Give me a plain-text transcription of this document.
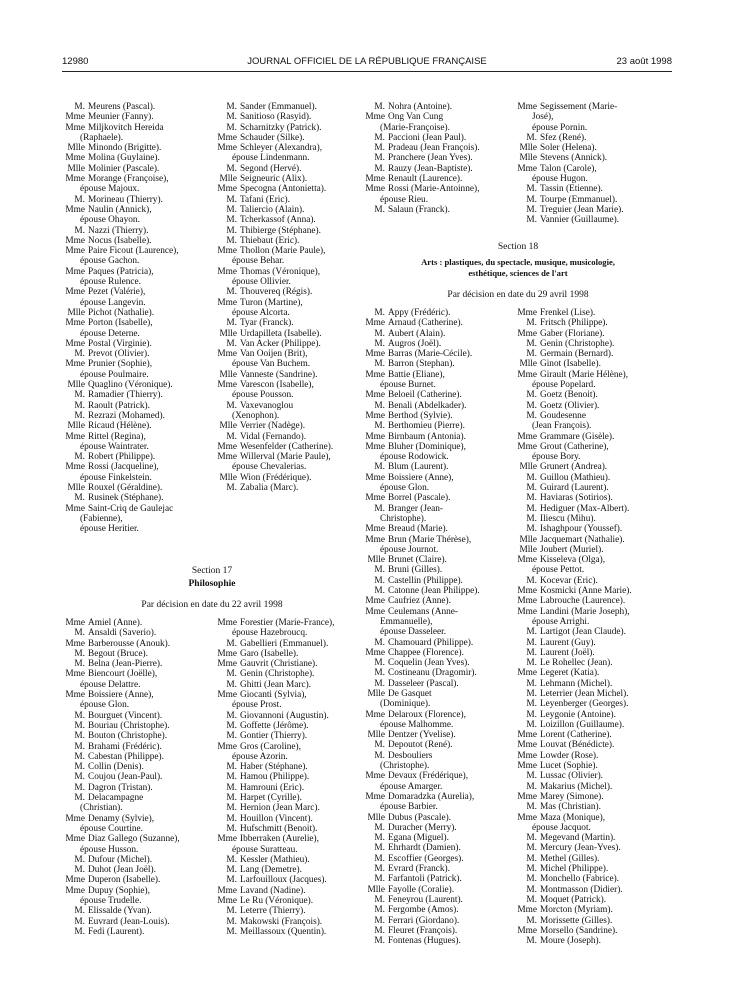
12980	JOURNAL OFFICIEL DE LA RÉPUBLIQUE FRANÇAISE	23 août 1998
M. Meurens (Pascal).
Mme Meunier (Fanny).
Mme Miljkovitch Hereida
(Raphaele).
Mlle Minondo (Brigitte).
Mme Molina (Guylaine).
Mlle Molinier (Pascale).
Mme Morange (Françoise),
épouse Majoux.
M. Morineau (Thierry).
Mme Naulin (Annick),
épouse Ohayon.
M. Nazzi (Thierry).
Mme Nocus (Isabelle).
Mme Paire Ficout (Laurence),
épouse Gachon.
Mme Paques (Patricia),
épouse Rulence.
Mme Pezet (Valérie),
épouse Langevin.
Mlle Pichot (Nathalie).
Mme Porton (Isabelle),
épouse Deterne.
Mme Postal (Virginie).
M. Prevot (Olivier).
Mme Prunier (Sophie),
épouse Poulmaire.
Mlle Quaglino (Véronique).
M. Ramadier (Thierry).
M. Raoult (Patrick).
M. Rezrazi (Mohamed).
Mlle Ricaud (Hélène).
Mme Rittel (Regina),
épouse Waintrater.
M. Robert (Philippe).
Mme Rossi (Jacqueline),
épouse Finkelstein.
Mlle Rouxel (Géraldine).
M. Rusinek (Stéphane).
Mme Saint-Criq de Gaulejac
(Fabienne),
épouse Heritier.
M. Sander (Emmanuel).
M. Sanitioso (Rasyid).
M. Scharnitzky (Patrick).
Mme Schauder (Silke).
Mme Schleyer (Alexandra),
épouse Lindenmann.
M. Segond (Hervé).
Mlle Seigneuric (Alix).
Mme Specogna (Antonietta).
M. Tafani (Eric).
M. Taliercio (Alain).
M. Tcherkassof (Anna).
M. Thibierge (Stéphane).
M. Thiebaut (Eric).
Mme Thollon (Marie Paule),
épouse Behar.
Mme Thomas (Véronique),
épouse Ollivier.
M. Thouvereq (Régis).
Mme Turon (Martine),
épouse Alcorta.
M. Tyar (Franck).
Mlle Urdapilleta (Isabelle).
M. Van Acker (Philippe).
Mme Van Ooijen (Brit),
épouse Van Buchem.
Mlle Vanneste (Sandrine).
Mme Varescon (Isabelle),
épouse Pousson.
M. Vaxevanoglou
(Xenophon).
Mlle Verrier (Nadège).
M. Vidal (Fernando).
Mme Wesenfelder (Catherine).
Mme Willerval (Marie Paule),
épouse Chevalerias.
Mlle Wion (Frédérique).
M. Zabalia (Marc).
M. Nohra (Antoine).
Mme Ong Van Cung
(Marie-Françoise).
M. Paccioni (Jean Paul).
M. Pradeau (Jean François).
M. Pranchere (Jean Yves).
M. Rauzy (Jean-Baptiste).
Mme Renault (Laurence).
Mme Rossi (Marie-Antoinne),
épouse Rieu.
M. Salaun (Franck).
Mme Segissement (Marie-
José),
épouse Pornin.
M. Sfez (René).
Mlle Soler (Helena).
Mlle Stevens (Annick).
Mme Talon (Carole),
épouse Hugon.
M. Tassin (Etienne).
M. Tourpe (Emmanuel).
M. Treguier (Jean Marie).
M. Vannier (Guillaume).
Section 17
Philosophie
Par décision en date du 22 avril 1998
Mme Amiel (Anne).
M. Ansaldi (Saverio).
Mme Barberousse (Anouk).
M. Begout (Bruce).
M. Belna (Jean-Pierre).
Mme Biencourt (Joëlle),
épouse Delattre.
Mme Boissiere (Anne),
épouse Glon.
M. Bourguet (Vincent).
M. Bouriau (Christophe).
M. Bouton (Christophe).
M. Brahami (Frédéric).
M. Cabestan (Philippe).
M. Collin (Denis).
M. Coujou (Jean-Paul).
M. Dagron (Tristan).
M. Delacampagne
(Christian).
Mme Denamy (Sylvie),
épouse Courtine.
Mme Diaz Gallego (Suzanne),
épouse Husson.
M. Dufour (Michel).
M. Duhot (Jean Joël).
Mme Duperon (Isabelle).
Mme Dupuy (Sophie),
épouse Trudelle.
M. Elissalde (Yvan).
M. Euvrard (Jean-Louis).
M. Fedi (Laurent).
Mme Forestier (Marie-France),
épouse Hazebroucq.
M. Gabellieri (Emmanuel).
Mme Garo (Isabelle).
Mme Gauvrit (Christiane).
M. Genin (Christophe).
M. Ghitti (Jean Marc).
Mme Giocanti (Sylvia),
épouse Prost.
M. Giovannoni (Augustin).
M. Goffette (Jérôme).
M. Gontier (Thierry).
Mme Gros (Caroline),
épouse Azorin.
M. Haber (Stéphane).
M. Hamou (Philippe).
M. Hamrouni (Eric).
M. Harpet (Cyrille).
M. Hernion (Jean Marc).
M. Houillon (Vincent).
M. Hufschmitt (Benoit).
Mme Ibberraken (Aurelie),
épouse Suratteau.
M. Kessler (Mathieu).
M. Lang (Demetre).
M. Larfouilloux (Jacques).
Mme Lavand (Nadine).
Mme Le Ru (Véronique).
M. Leterre (Thierry).
M. Makowski (François).
M. Meillassoux (Quentin).
Section 18
Arts : plastiques, du spectacle, musique, musicologie,
esthétique, sciences de l'art
Par décision en date du 29 avril 1998
M. Appy (Frédéric).
Mme Arnaud (Catherine).
M. Aubert (Alain).
M. Augros (Joël).
Mme Barras (Marie-Cécile).
M. Barron (Stephan).
Mme Battie (Eliane),
épouse Burnet.
Mme Beloeil (Catherine).
M. Benali (Abdelkader).
Mme Berthod (Sylvie).
M. Berthomieu (Pierre).
Mme Birnbaum (Antonia).
Mme Bluher (Dominique),
épouse Rodowick.
M. Blum (Laurent).
Mme Boissiere (Anne),
épouse Glon.
Mme Borrel (Pascale).
M. Branger (Jean-
Christophe).
Mme Breaud (Marie).
Mme Brun (Marie Thérèse),
épouse Journot.
Mlle Brunet (Claire).
M. Bruni (Gilles).
M. Castellin (Philippe).
M. Catonne (Jean Philippe).
Mme Caufriez (Anne).
Mme Ceulemans (Anne-
Emmanuelle),
épouse Dasseleer.
M. Chamouard (Philippe).
Mme Chappee (Florence).
M. Coquelin (Jean Yves).
M. Costineanu (Dragomir).
M. Dasseleer (Pascal).
Mlle De Gasquet
(Dominique).
Mme Delaroux (Florence),
épouse Malhomme.
Mlle Dentzer (Yvelise).
M. Depoutot (René).
M. Desbouliers
(Christophe).
Mme Devaux (Frédérique),
épouse Amarger.
Mme Domaradzka (Aurelia),
épouse Barbier.
Mlle Dubus (Pascale).
M. Duracher (Merry).
M. Egana (Miguel).
M. Ehrhardt (Damien).
M. Escoffier (Georges).
M. Evrard (Franck).
M. Farfantoli (Patrick).
Mlle Fayolle (Coralie).
M. Feneyrou (Laurent).
M. Fergombe (Amos).
M. Ferrari (Giordano).
M. Fleuret (François).
M. Fontenas (Hugues).
Mme Frenkel (Lise).
M. Fritsch (Philippe).
Mme Gaber (Floriane).
M. Genin (Christophe).
M. Germain (Bernard).
Mlle Ginot (Isabelle).
Mme Girault (Marie Hélène),
épouse Popelard.
M. Goetz (Benoit).
M. Goetz (Olivier).
M. Goudesenne
(Jean François).
Mme Grammare (Gisèle).
Mme Grout (Catherine),
épouse Bory.
Mlle Grunert (Andrea).
M. Guillou (Mathieu).
M. Guirard (Laurent).
M. Haviaras (Sotirios).
M. Hediguer (Max-Albert).
M. Iliescu (Mihu).
M. Ishaghpour (Youssef).
Mlle Jacquemart (Nathalie).
Mlle Joubert (Muriel).
Mme Kisseleva (Olga),
épouse Pettot.
M. Kocevar (Eric).
Mme Kosmicki (Anne Marie).
Mme Labrouche (Laurence).
Mme Landini (Marie Joseph),
épouse Arrighi.
M. Lartigot (Jean Claude).
M. Laurent (Guy).
M. Laurent (Joël).
M. Le Rohellec (Jean).
Mme Legeret (Katia).
M. Lehmann (Michel).
M. Leterrier (Jean Michel).
M. Leyenberger (Georges).
M. Leygonie (Antoine).
M. Loizillon (Guillaume).
Mme Lorent (Catherine).
Mme Louvat (Bénédicte).
Mme Lowder (Rose).
Mme Lucet (Sophie).
M. Lussac (Olivier).
M. Makarius (Michel).
Mme Marey (Simone).
M. Mas (Christian).
Mme Maza (Monique),
épouse Jacquot.
M. Megevand (Martin).
M. Mercury (Jean-Yves).
M. Methel (Gilles).
M. Michel (Philippe).
M. Monchello (Fabrice).
M. Montmasson (Didier).
M. Moquet (Patrick).
Mme Morcton (Myriam).
M. Morissette (Gilles).
Mme Morsello (Sandrine).
M. Moure (Joseph).
